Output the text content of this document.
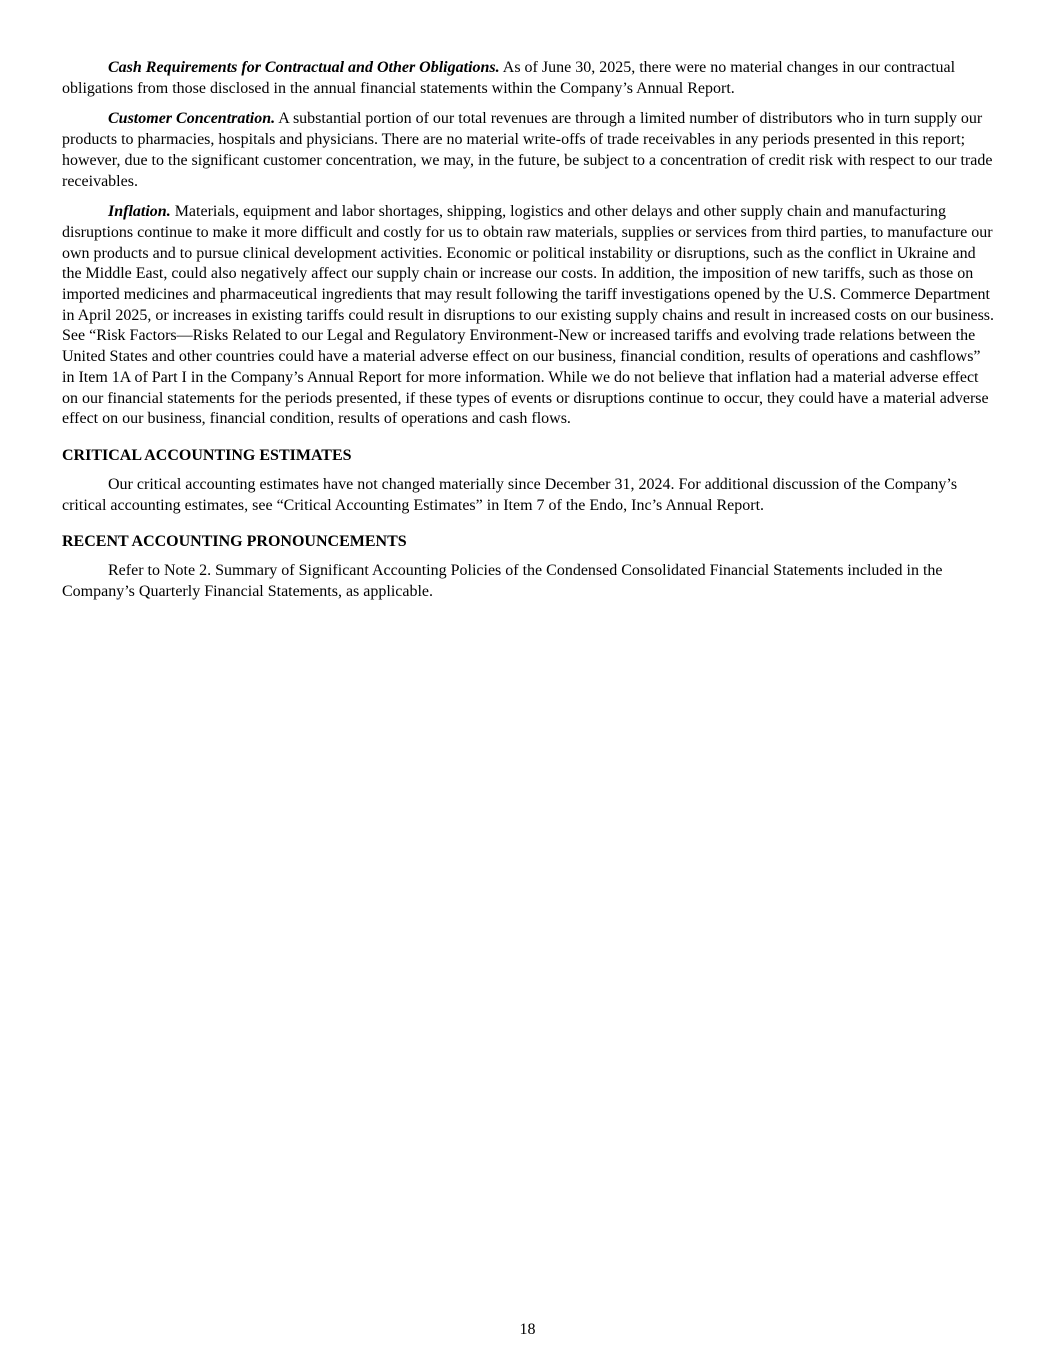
Cash Requirements for Contractual and Other Obligations. As of June 30, 2025, there were no material changes in our contractual obligations from those disclosed in the annual financial statements within the Company’s Annual Report.

Customer Concentration. A substantial portion of our total revenues are through a limited number of distributors who in turn supply our products to pharmacies, hospitals and physicians. There are no material write-offs of trade receivables in any periods presented in this report; however, due to the significant customer concentration, we may, in the future, be subject to a concentration of credit risk with respect to our trade receivables.

Inflation. Materials, equipment and labor shortages, shipping, logistics and other delays and other supply chain and manufacturing disruptions continue to make it more difficult and costly for us to obtain raw materials, supplies or services from third parties, to manufacture our own products and to pursue clinical development activities. Economic or political instability or disruptions, such as the conflict in Ukraine and the Middle East, could also negatively affect our supply chain or increase our costs. In addition, the imposition of new tariffs, such as those on imported medicines and pharmaceutical ingredients that may result following the tariff investigations opened by the U.S. Commerce Department in April 2025, or increases in existing tariffs could result in disruptions to our existing supply chains and result in increased costs on our business. See “Risk Factors—Risks Related to our Legal and Regulatory Environment-New or increased tariffs and evolving trade relations between the United States and other countries could have a material adverse effect on our business, financial condition, results of operations and cashflows” in Item 1A of Part I in the Company’s Annual Report for more information. While we do not believe that inflation had a material adverse effect on our financial statements for the periods presented, if these types of events or disruptions continue to occur, they could have a material adverse effect on our business, financial condition, results of operations and cash flows.

CRITICAL ACCOUNTING ESTIMATES

Our critical accounting estimates have not changed materially since December 31, 2024. For additional discussion of the Company’s critical accounting estimates, see “Critical Accounting Estimates” in Item 7 of the Endo, Inc’s Annual Report.

RECENT ACCOUNTING PRONOUNCEMENTS

Refer to Note 2. Summary of Significant Accounting Policies of the Condensed Consolidated Financial Statements included in the Company’s Quarterly Financial Statements, as applicable.

18
